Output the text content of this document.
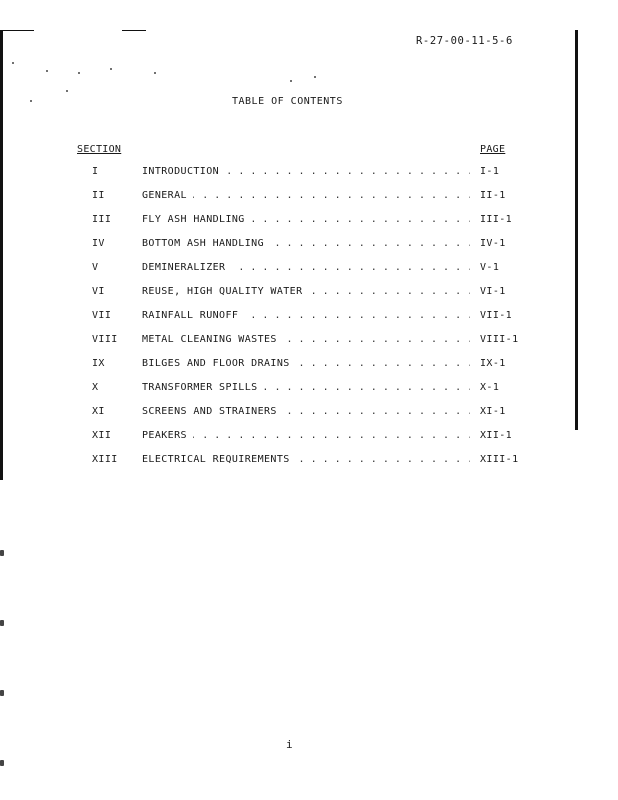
R-27-00-11-5-6
TABLE OF CONTENTS
SECTION	PAGE
I . . .	INTRODUCTION	I-1
II . . .	GENERAL	II-1
III . . .	FLY ASH HANDLING	III-1
IV . . .	BOTTOM ASH HANDLING	IV-1
V . . .	DEMINERALIZER	V-1
VI . . .	REUSE, HIGH QUALITY WATER	VI-1
VII . . .	RAINFALL RUNOFF	VII-1
VIII . . . METAL CLEANING WASTES	VIII-1
IX . . .	BILGES AND FLOOR DRAINS	IX-1
X . . .	TRANSFORMER SPILLS	X-1
XI . . .	SCREENS AND STRAINERS	XI-1
XII . . .	PEAKERS	XII-1
XIII . . . ELECTRICAL REQUIREMENTS	XIII-1
i
